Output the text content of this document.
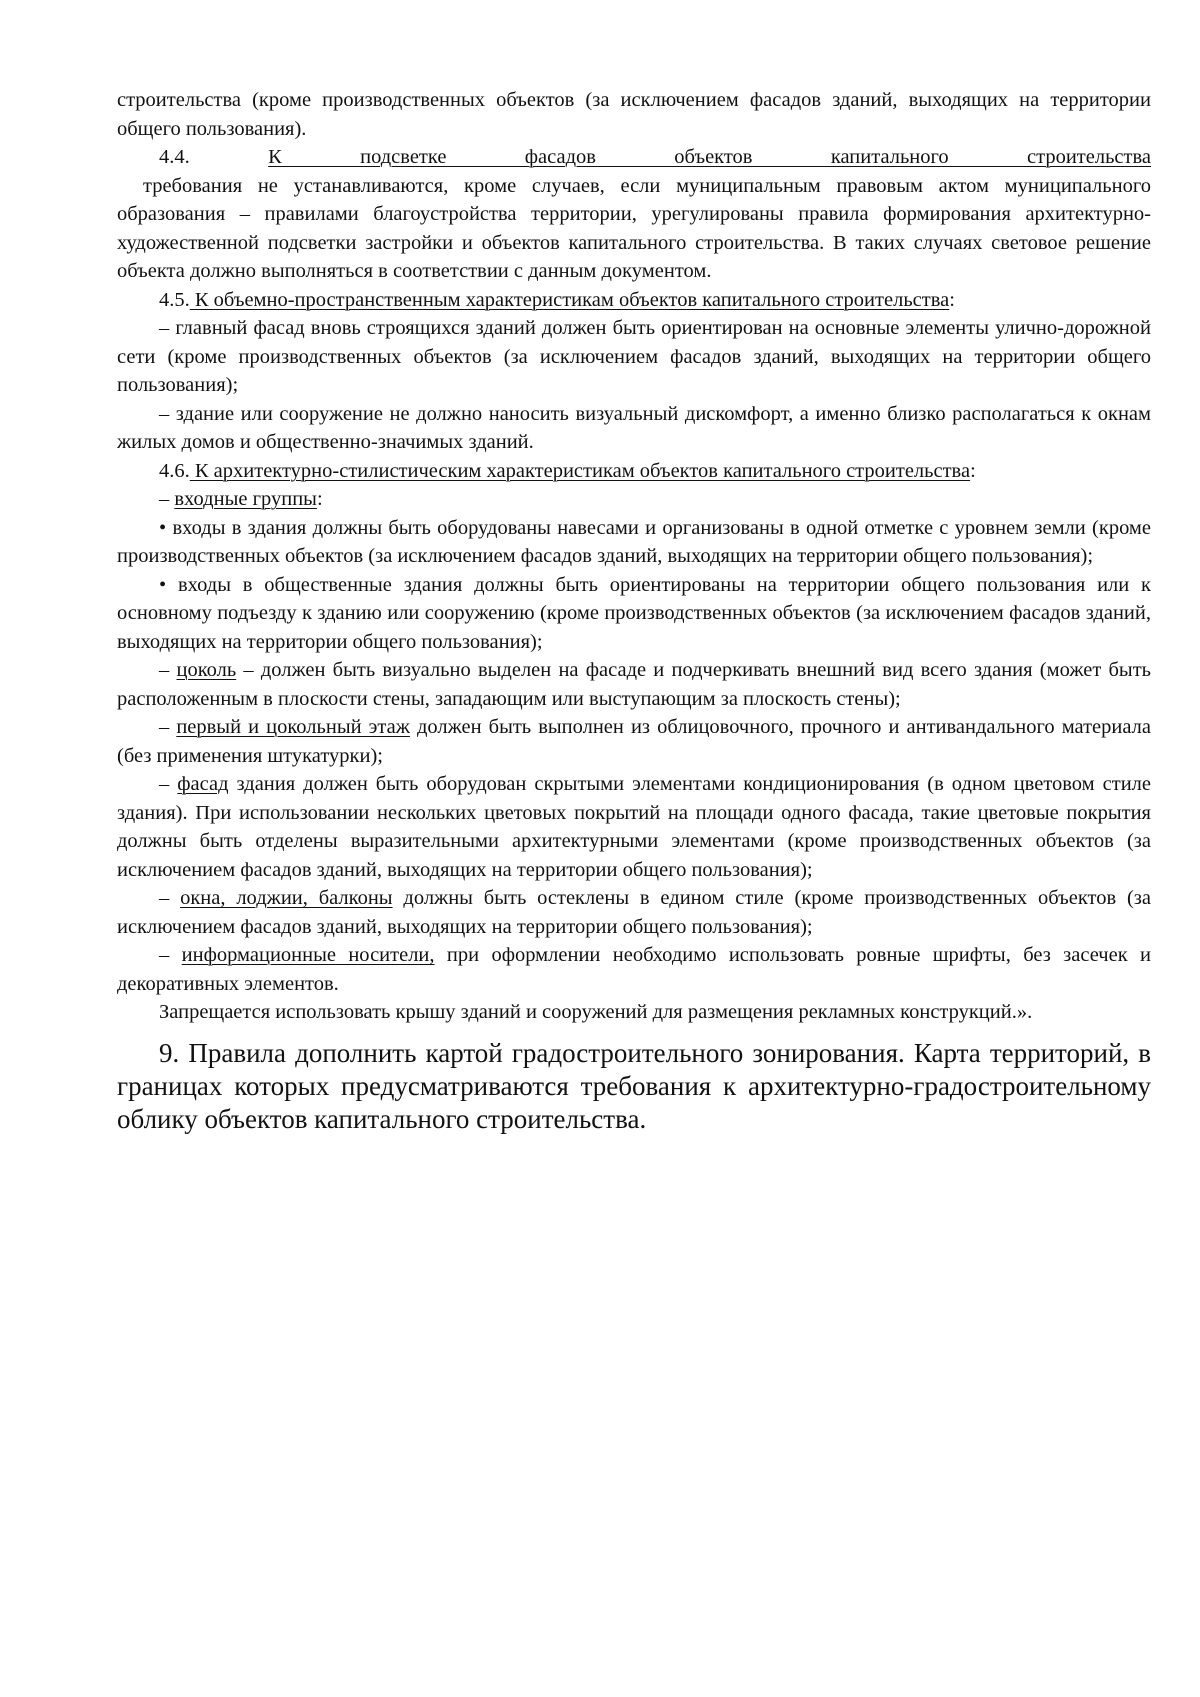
строительства (кроме производственных объектов (за исключением фасадов зданий, выходящих на территории общего пользования).

4.4.	К подсветке фасадов объектов капитального строительства

требования не устанавливаются, кроме случаев, если муниципальным правовым актом муниципального образования – правилами благоустройства территории, урегулированы правила формирования архитектурно-художественной подсветки застройки и объектов капитального строительства. В таких случаях световое решение объекта должно выполняться в соответствии с данным документом.

4.5. К объемно-пространственным характеристикам объектов капитального строительства:

– главный фасад вновь строящихся зданий должен быть ориентирован на основные элементы улично-дорожной сети (кроме производственных объектов (за исключением фасадов зданий, выходящих на территории общего пользования);

– здание или сооружение не должно наносить визуальный дискомфорт, а именно близко располагаться к окнам жилых домов и общественно-значимых зданий.

4.6. К архитектурно-стилистическим характеристикам объектов капитального строительства:

– входные группы:

• входы в здания должны быть оборудованы навесами и организованы в одной отметке с уровнем земли (кроме производственных объектов (за исключением фасадов зданий, выходящих на территории общего пользования);

• входы в общественные здания должны быть ориентированы на территории общего пользования или к основному подъезду к зданию или сооружению (кроме производственных объектов (за исключением фасадов зданий, выходящих на территории общего пользования);

– цоколь – должен быть визуально выделен на фасаде и подчеркивать внешний вид всего здания (может быть расположенным в плоскости стены, западающим или выступающим за плоскость стены);

– первый и цокольный этаж должен быть выполнен из облицовочного, прочного и антивандального материала (без применения штукатурки);

– фасад здания должен быть оборудован скрытыми элементами кондиционирования (в одном цветовом стиле здания). При использовании нескольких цветовых покрытий на площади одного фасада, такие цветовые покрытия должны быть отделены выразительными архитектурными элементами (кроме производственных объектов (за исключением фасадов зданий, выходящих на территории общего пользования);

– окна, лоджии, балконы должны быть остеклены в едином стиле (кроме производственных объектов (за исключением фасадов зданий, выходящих на территории общего пользования);

– информационные носители, при оформлении необходимо использовать ровные шрифты, без засечек и декоративных элементов.

Запрещается использовать крышу зданий и сооружений для размещения рекламных конструкций.».

9. Правила дополнить картой градостроительного зонирования. Карта территорий, в границах которых предусматриваются требования к архитектурно-градостроительному облику объектов капитального строительства.
